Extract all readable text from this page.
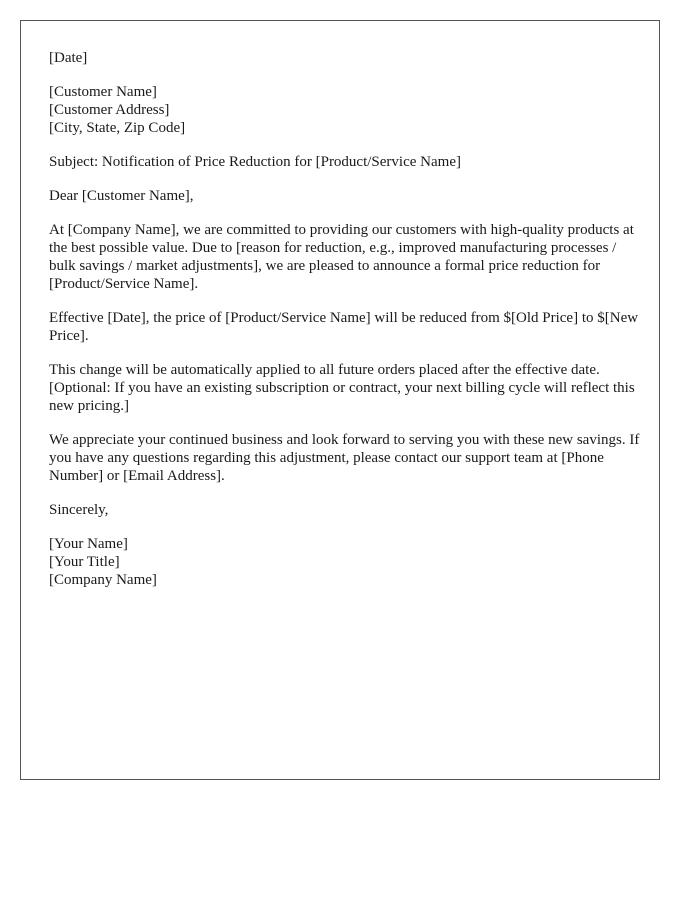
[Date]
[Customer Name]
[Customer Address]
[City, State, Zip Code]

Subject: Notification of Price Reduction for [Product/Service Name]

Dear [Customer Name],

At [Company Name], we are committed to providing our customers with high-quality products at the best possible value. Due to [reason for reduction, e.g., improved manufacturing processes / bulk savings / market adjustments], we are pleased to announce a formal price reduction for [Product/Service Name].

Effective [Date], the price of [Product/Service Name] will be reduced from $[Old Price] to $[New Price].

This change will be automatically applied to all future orders placed after the effective date. [Optional: If you have an existing subscription or contract, your next billing cycle will reflect this new pricing.]

We appreciate your continued business and look forward to serving you with these new savings. If you have any questions regarding this adjustment, please contact our support team at [Phone Number] or [Email Address].

Sincerely,

[Your Name]
[Your Title]
[Company Name]
